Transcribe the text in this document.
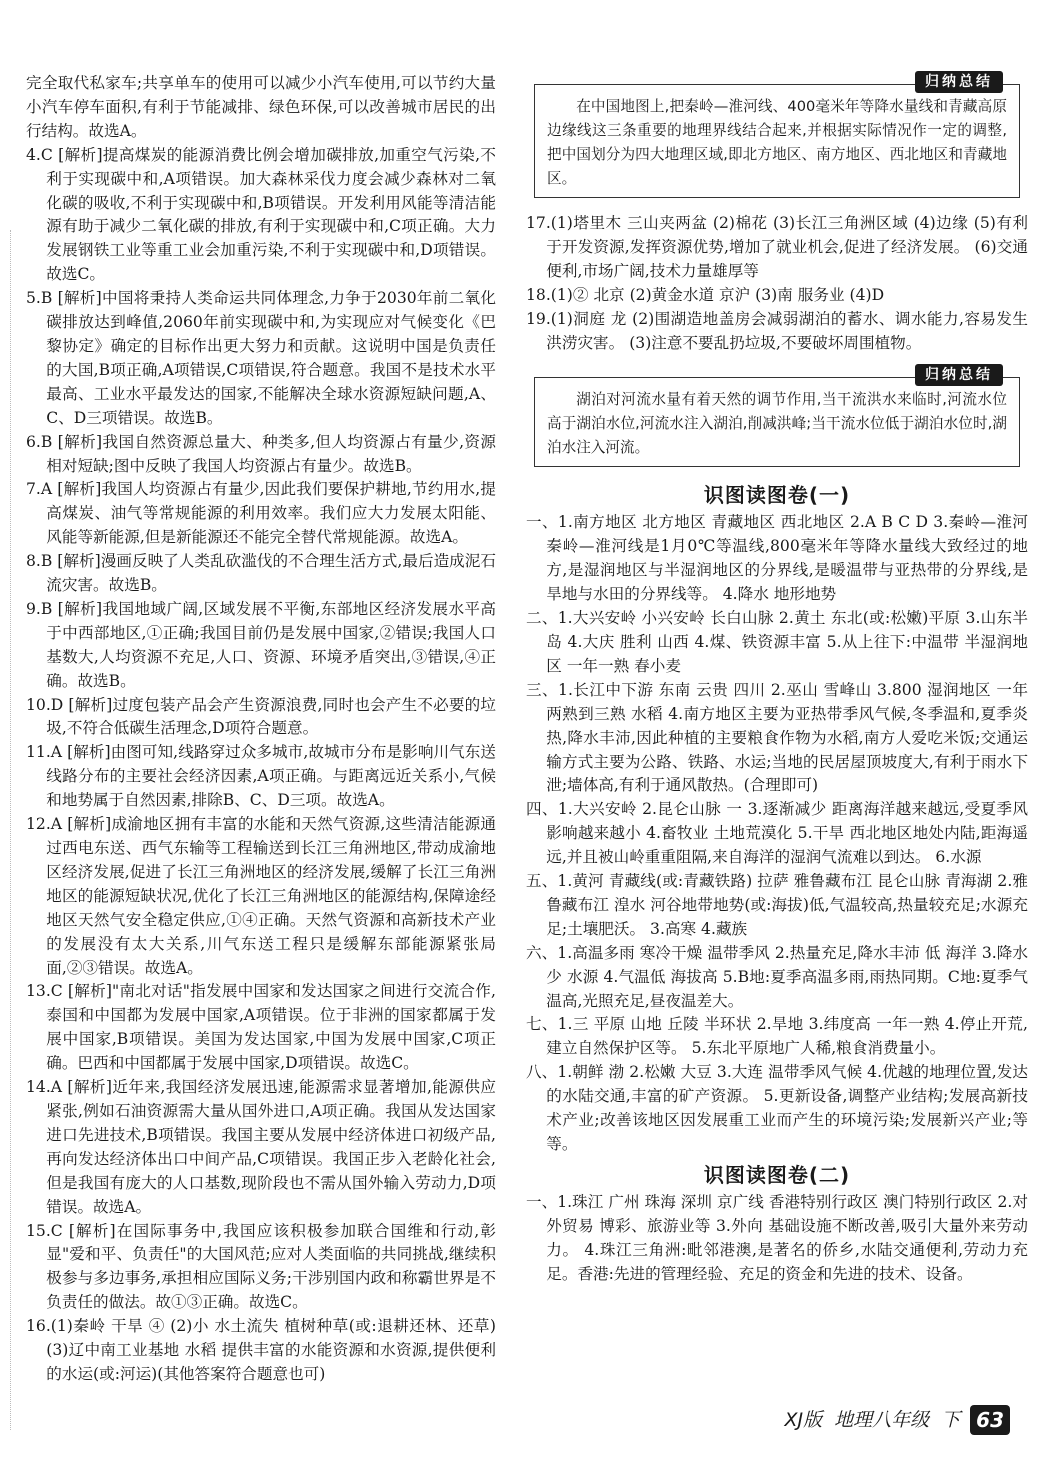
完全取代私家车;共享单车的使用可以减少小汽车使用,可以节约大量小汽车停车面积,有利于节能减排、绿色环保,可以改善城市居民的出行结构。故选A。

4.C [解析]提高煤炭的能源消费比例会增加碳排放,加重空气污染,不利于实现碳中和,A项错误。加大森林采伐力度会减少森林对二氧化碳的吸收,不利于实现碳中和,B项错误。开发利用风能等清洁能源有助于减少二氧化碳的排放,有利于实现碳中和,C项正确。大力发展钢铁工业等重工业会加重污染,不利于实现碳中和,D项错误。故选C。

5.B [解析]中国将秉持人类命运共同体理念,力争于2030年前二氧化碳排放达到峰值,2060年前实现碳中和,为实现应对气候变化《巴黎协定》确定的目标作出更大努力和贡献。这说明中国是负责任的大国,B项正确,A项错误,C项错误,符合题意。我国不是技术水平最高、工业水平最发达的国家,不能解决全球水资源短缺问题,A、C、D三项错误。故选B。

6.B [解析]我国自然资源总量大、种类多,但人均资源占有量少,资源相对短缺;图中反映了我国人均资源占有量少。故选B。

7.A [解析]我国人均资源占有量少,因此我们要保护耕地,节约用水,提高煤炭、油气等常规能源的利用效率。我们应大力发展太阳能、风能等新能源,但是新能源还不能完全替代常规能源。故选A。

8.B [解析]漫画反映了人类乱砍滥伐的不合理生活方式,最后造成泥石流灾害。故选B。

9.B [解析]我国地域广阔,区域发展不平衡,东部地区经济发展水平高于中西部地区,①正确;我国目前仍是发展中国家,②错误;我国人口基数大,人均资源不充足,人口、资源、环境矛盾突出,③错误,④正确。故选B。

10.D [解析]过度包装产品会产生资源浪费,同时也会产生不必要的垃圾,不符合低碳生活理念,D项符合题意。

11.A [解析]由图可知,线路穿过众多城市,故城市分布是影响川气东送线路分布的主要社会经济因素,A项正确。与距离远近关系小,气候和地势属于自然因素,排除B、C、D三项。故选A。

12.A [解析]成渝地区拥有丰富的水能和天然气资源,这些清洁能源通过西电东送、西气东输等工程输送到长江三角洲地区,带动成渝地区经济发展,促进了长江三角洲地区的经济发展,缓解了长江三角洲地区的能源短缺状况,优化了长江三角洲地区的能源结构,保障途经地区天然气安全稳定供应,①④正确。天然气资源和高新技术产业的发展没有太大关系,川气东送工程只是缓解东部能源紧张局面,②③错误。故选A。

13.C [解析]"南北对话"指发展中国家和发达国家之间进行交流合作,泰国和中国都为发展中国家,A项错误。位于非洲的国家都属于发展中国家,B项错误。美国为发达国家,中国为发展中国家,C项正确。巴西和中国都属于发展中国家,D项错误。故选C。

14.A [解析]近年来,我国经济发展迅速,能源需求显著增加,能源供应紧张,例如石油资源需大量从国外进口,A项正确。我国从发达国家进口先进技术,B项错误。我国主要从发展中经济体进口初级产品,再向发达经济体出口中间产品,C项错误。我国正步入老龄化社会,但是我国有庞大的人口基数,现阶段也不需从国外输入劳动力,D项错误。故选A。

15.C [解析]在国际事务中,我国应该积极参加联合国维和行动,彰显"爱和平、负责任"的大国风范;应对人类面临的共同挑战,继续积极参与多边事务,承担相应国际义务;干涉别国内政和称霸世界是不负责任的做法。故①③正确。故选C。

16.(1)秦岭 干旱 ④ (2)小 水土流失 植树种草(或:退耕还林、还草) (3)辽中南工业基地 水稻 提供丰富的水能资源和水资源,提供便利的水运(或:河运)(其他答案符合题意也可)

归纳总结
在中国地图上,把秦岭—淮河线、400毫米年等降水量线和青藏高原边缘线这三条重要的地理界线结合起来,并根据实际情况作一定的调整,把中国划分为四大地理区域,即北方地区、南方地区、西北地区和青藏地区。

17.(1)塔里木 三山夹两盆 (2)棉花 (3)长江三角洲区域 (4)边缘 (5)有利于开发资源,发挥资源优势,增加了就业机会,促进了经济发展。 (6)交通便利,市场广阔,技术力量雄厚等

18.(1)② 北京 (2)黄金水道 京沪 (3)南 服务业 (4)D

19.(1)洞庭 龙 (2)围湖造地盖房会减弱湖泊的蓄水、调水能力,容易发生洪涝灾害。 (3)注意不要乱扔垃圾,不要破坏周围植物。

归纳总结
湖泊对河流水量有着天然的调节作用,当干流洪水来临时,河流水位高于湖泊水位,河流水注入湖泊,削减洪峰;当干流水位低于湖泊水位时,湖泊水注入河流。
识图读图卷(一)

一、1.南方地区 北方地区 青藏地区 西北地区 2.A B C D 3.秦岭—淮河 秦岭—淮河线是1月0℃等温线,800毫米年等降水量线大致经过的地方,是湿润地区与半湿润地区的分界线,是暖温带与亚热带的分界线,是旱地与水田的分界线等。 4.降水 地形地势

二、1.大兴安岭 小兴安岭 长白山脉 2.黄土 东北(或:松嫩)平原 3.山东半岛 4.大庆 胜利 山西 4.煤、铁资源丰富 5.从上往下:中温带 半湿润地区 一年一熟 春小麦

三、1.长江中下游 东南 云贵 四川 2.巫山 雪峰山 3.800 湿润地区 一年两熟到三熟 水稻 4.南方地区主要为亚热带季风气候,冬季温和,夏季炎热,降水丰沛,因此种植的主要粮食作物为水稻,南方人爱吃米饭;交通运输方式主要为公路、铁路、水运;当地的民居屋顶坡度大,有利于雨水下泄;墙体高,有利于通风散热。(合理即可)

四、1.大兴安岭 2.昆仑山脉 一 3.逐渐减少 距离海洋越来越远,受夏季风影响越来越小 4.畜牧业 土地荒漠化 5.干旱 西北地区地处内陆,距海遥远,并且被山岭重重阻隔,来自海洋的湿润气流难以到达。 6.水源

五、1.黄河 青藏线(或:青藏铁路) 拉萨 雅鲁藏布江 昆仑山脉 青海湖 2.雅鲁藏布江 湟水 河谷地带地势(或:海拔)低,气温较高,热量较充足;水源充足;土壤肥沃。 3.高寒 4.藏族

六、1.高温多雨 寒冷干燥 温带季风 2.热量充足,降水丰沛 低 海洋 3.降水少 水源 4.气温低 海拔高 5.B地:夏季高温多雨,雨热同期。C地:夏季气温高,光照充足,昼夜温差大。

七、1.三 平原 山地 丘陵 半环状 2.旱地 3.纬度高 一年一熟 4.停止开荒,建立自然保护区等。 5.东北平原地广人稀,粮食消费量小。

八、1.朝鲜 渤 2.松嫩 大豆 3.大连 温带季风气候 4.优越的地理位置,发达的水陆交通,丰富的矿产资源。 5.更新设备,调整产业结构;发展高新技术产业;改善该地区因发展重工业而产生的环境污染;发展新兴产业;等等。

识图读图卷(二)

一、1.珠江 广州 珠海 深圳 京广线 香港特别行政区 澳门特别行政区 2.对外贸易 博彩、旅游业等 3.外向 基础设施不断改善,吸引大量外来劳动力。 4.珠江三角洲:毗邻港澳,是著名的侨乡,水陆交通便利,劳动力充足。香港:先进的管理经验、充足的资金和先进的技术、设备。

XJ版 地理八年级 下 63
